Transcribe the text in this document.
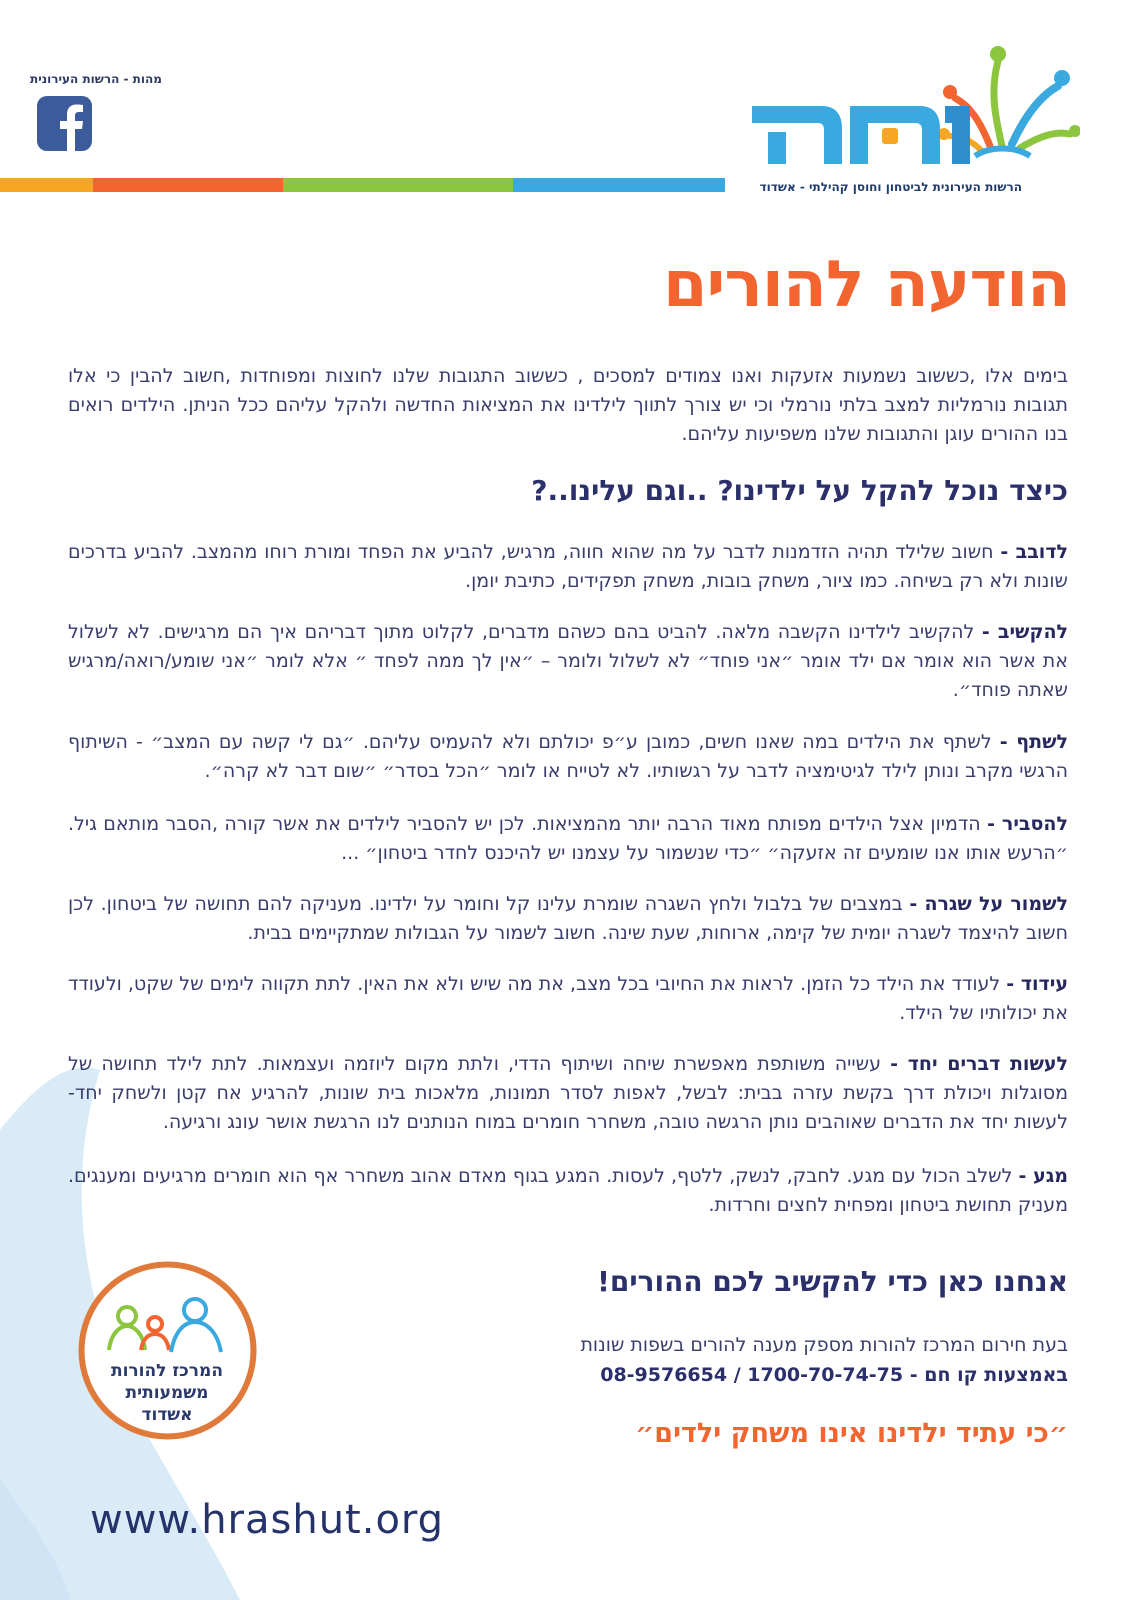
מהות - הרשות העירונית
הרשות העירונית לביטחון וחוסן קהילתי - אשדוד
הודעה להורים
בימים אלו ,כששוב נשמעות אזעקות ואנו צמודים למסכים , כששוב התגובות שלנו לחוצות ומפוחדות ,חשוב להבין כי אלו תגובות נורמליות למצב בלתי נורמלי וכי יש צורך לתווך לילדינו את המציאות החדשה ולהקל עליהם ככל הניתן. הילדים רואים בנו ההורים עוגן והתגובות שלנו משפיעות עליהם.
כיצד נוכל להקל על ילדינו? ..וגם עלינו..?
לדובב - חשוב שלילד תהיה הזדמנות לדבר על מה שהוא חווה, מרגיש, להביע את הפחד ומורת רוחו מהמצב. להביע בדרכים שונות ולא רק בשיחה. כמו ציור, משחק בובות, משחק תפקידים, כתיבת יומן.
להקשיב - להקשיב לילדינו הקשבה מלאה. להביט בהם כשהם מדברים, לקלוט מתוך דבריהם איך הם מרגישים. לא לשלול את אשר הוא אומר אם ילד אומר ״אני פוחד״ לא לשלול ולומר – ״אין לך ממה לפחד ״ אלא לומר ״אני שומע/רואה/מרגיש שאתה פוחד״.
לשתף - לשתף את הילדים במה שאנו חשים, כמובן ע״פ יכולתם ולא להעמיס עליהם. ״גם לי קשה עם המצב״ - השיתוף הרגשי מקרב ונותן לילד לגיטימציה לדבר על רגשותיו. לא לטייח או לומר ״הכל בסדר״ ״שום דבר לא קרה״.
להסביר - הדמיון אצל הילדים מפותח מאוד הרבה יותר מהמציאות. לכן יש להסביר לילדים את אשר קורה ,הסבר מותאם גיל. ״הרעש אותו אנו שומעים זה אזעקה״ ״כדי שנשמור על עצמנו יש להיכנס לחדר ביטחון״ ...
לשמור על שגרה - במצבים של בלבול ולחץ השגרה שומרת עלינו קל וחומר על ילדינו. מעניקה להם תחושה של ביטחון. לכן חשוב להיצמד לשגרה יומית של קימה, ארוחות, שעת שינה. חשוב לשמור על הגבולות שמתקיימים בבית.
עידוד - לעודד את הילד כל הזמן. לראות את החיובי בכל מצב, את מה שיש ולא את האין. לתת תקווה לימים של שקט, ולעודד את יכולותיו של הילד.
לעשות דברים יחד - עשייה משותפת מאפשרת שיחה ושיתוף הדדי, ולתת מקום ליוזמה ועצמאות. לתת לילד תחושה של מסוגלות ויכולת דרך בקשת עזרה בבית: לבשל, לאפות לסדר תמונות, מלאכות בית שונות, להרגיע אח קטן ולשחק יחד- לעשות יחד את הדברים שאוהבים נותן הרגשה טובה, משחרר חומרים במוח הנותנים לנו הרגשת אושר עונג ורגיעה.
מגע - לשלב הכול עם מגע. לחבק, לנשק, ללטף, לעסות. המגע בגוף מאדם אהוב משחרר אף הוא חומרים מרגיעים ומענגים. מעניק תחושת ביטחון ומפחית לחצים וחרדות.
אנחנו כאן כדי להקשיב לכם ההורים!
בעת חירום המרכז להורות מספק מענה להורים בשפות שונות
באמצעות קו חם - 1700-70-74-75 / 08-9576654
״כי עתיד ילדינו אינו משחק ילדים״
המרכז להורות
משמעותית
אשדוד
www.hrashut.org
